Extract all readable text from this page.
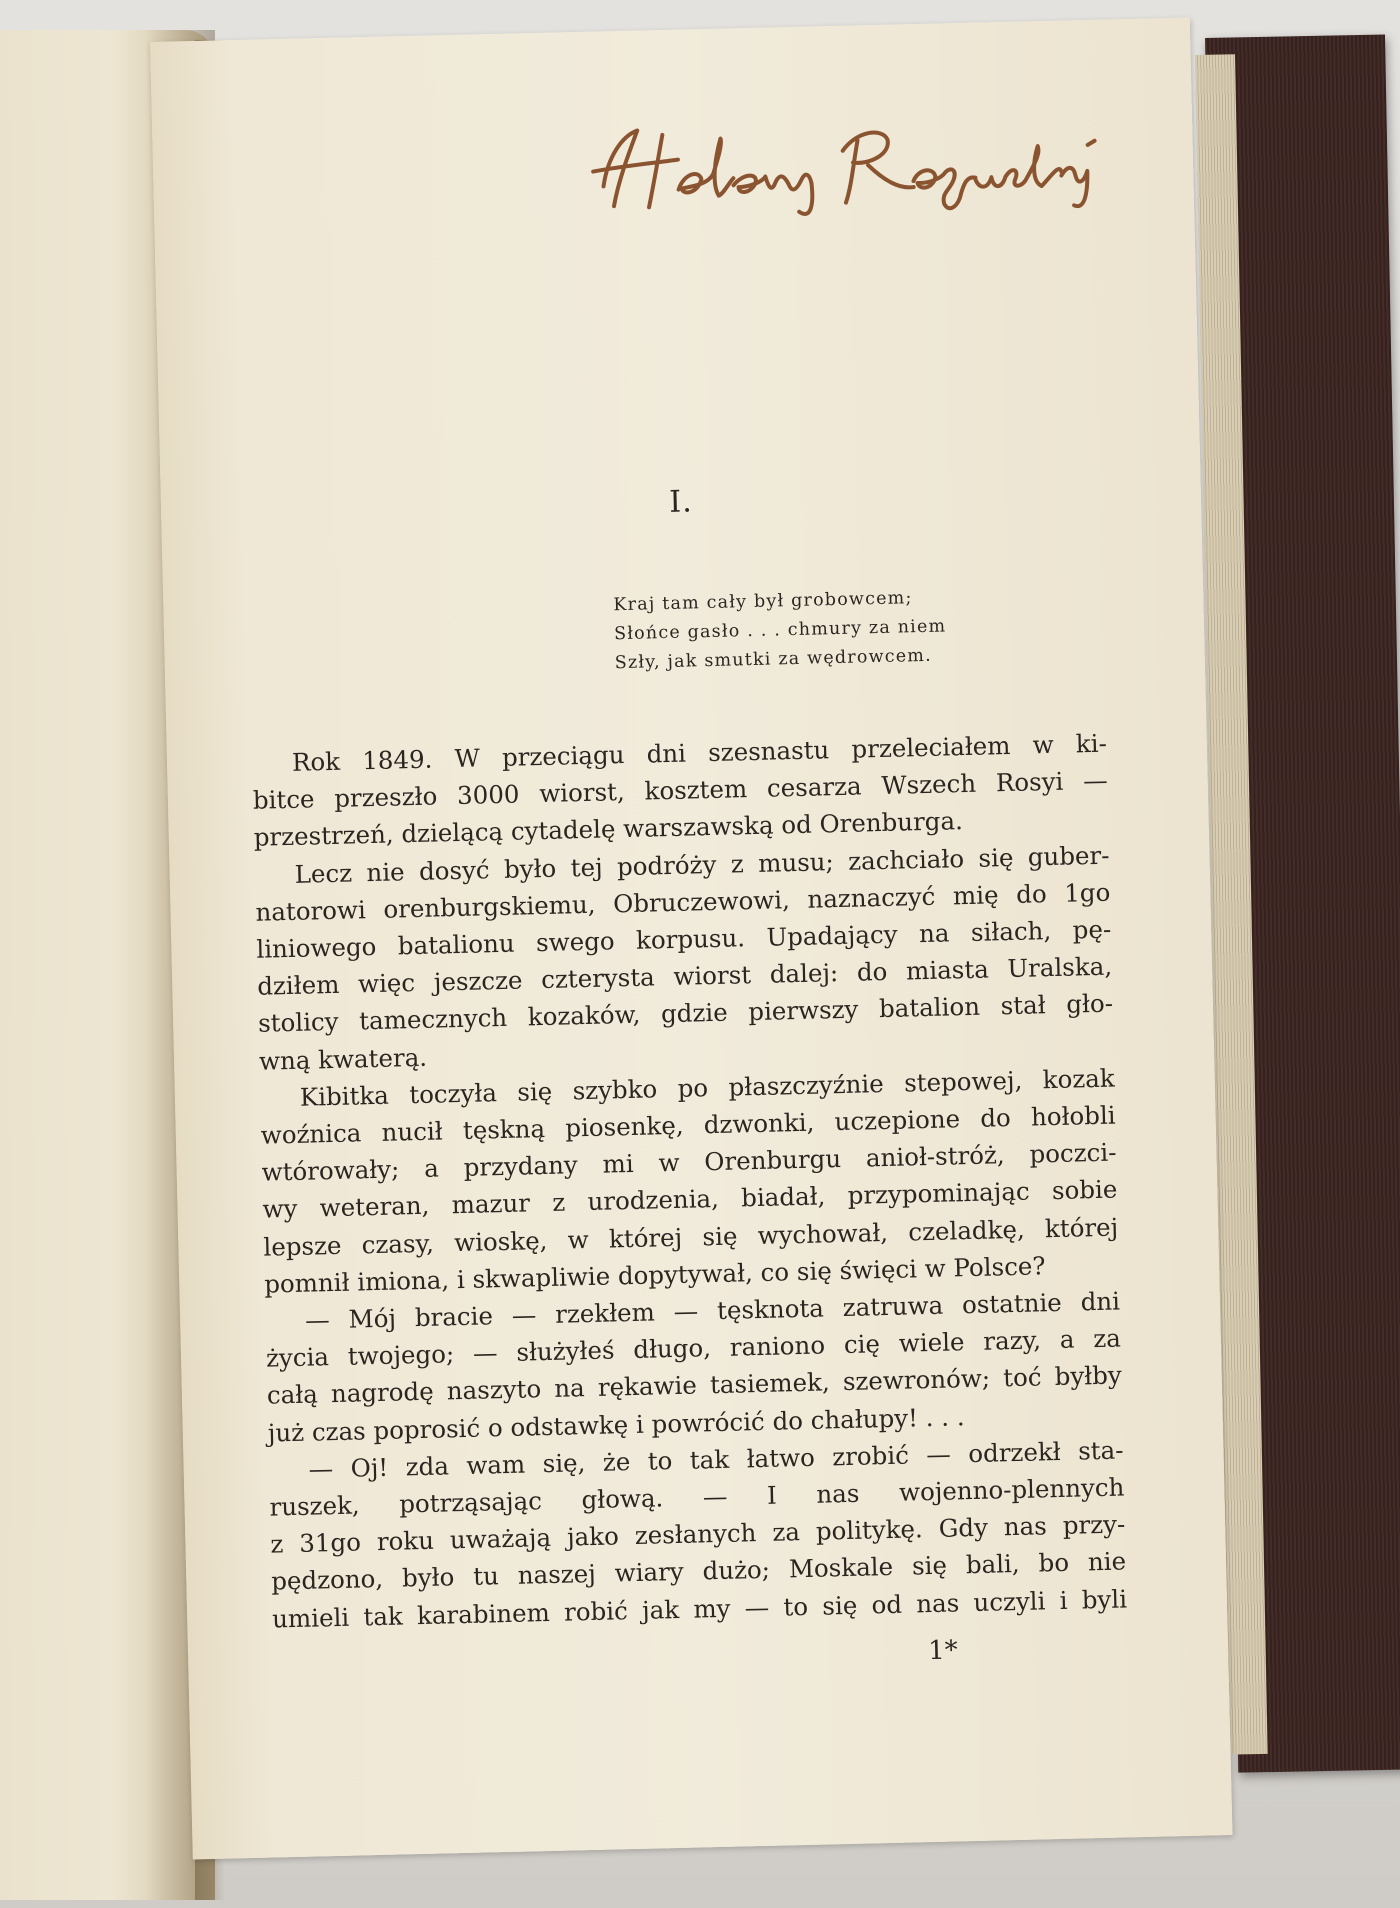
I.
Kraj tam cały był grobowcem;
Słońce gasło . . . chmury za niem
Szły, jak smutki za wędrowcem.
Rok 1849. W przeciągu dni szesnastu przeleciałem w ki-
bitce przeszło 3000 wiorst, kosztem cesarza Wszech Rosyi —
przestrzeń, dzielącą cytadelę warszawską od Orenburga.
Lecz nie dosyć było tej podróży z musu; zachciało się guber-
natorowi orenburgskiemu, Obruczewowi, naznaczyć mię do 1go
liniowego batalionu swego korpusu. Upadający na siłach, pę-
dziłem więc jeszcze czterysta wiorst dalej: do miasta Uralska,
stolicy tamecznych kozaków, gdzie pierwszy batalion stał gło-
wną kwaterą.
Kibitka toczyła się szybko po płaszczyźnie stepowej, kozak
woźnica nucił tęskną piosenkę, dzwonki, uczepione do hołobli
wtórowały; a przydany mi w Orenburgu anioł-stróż, poczci-
wy weteran, mazur z urodzenia, biadał, przypominając sobie
lepsze czasy, wioskę, w której się wychował, czeladkę, której
pomnił imiona, i skwapliwie dopytywał, co się święci w Polsce?
— Mój bracie — rzekłem — tęsknota zatruwa ostatnie dni
życia twojego; — służyłeś długo, raniono cię wiele razy, a za
całą nagrodę naszyto na rękawie tasiemek, szewronów; toć byłby
już czas poprosić o odstawkę i powrócić do chałupy! . . .
— Oj! zda wam się, że to tak łatwo zrobić — odrzekł sta-
ruszek, potrząsając głową. — I nas wojenno-plennych
z 31go roku uważają jako zesłanych za politykę. Gdy nas przy-
pędzono, było tu naszej wiary dużo; Moskale się bali, bo nie
umieli tak karabinem robić jak my — to się od nas uczyli i byli
1*
